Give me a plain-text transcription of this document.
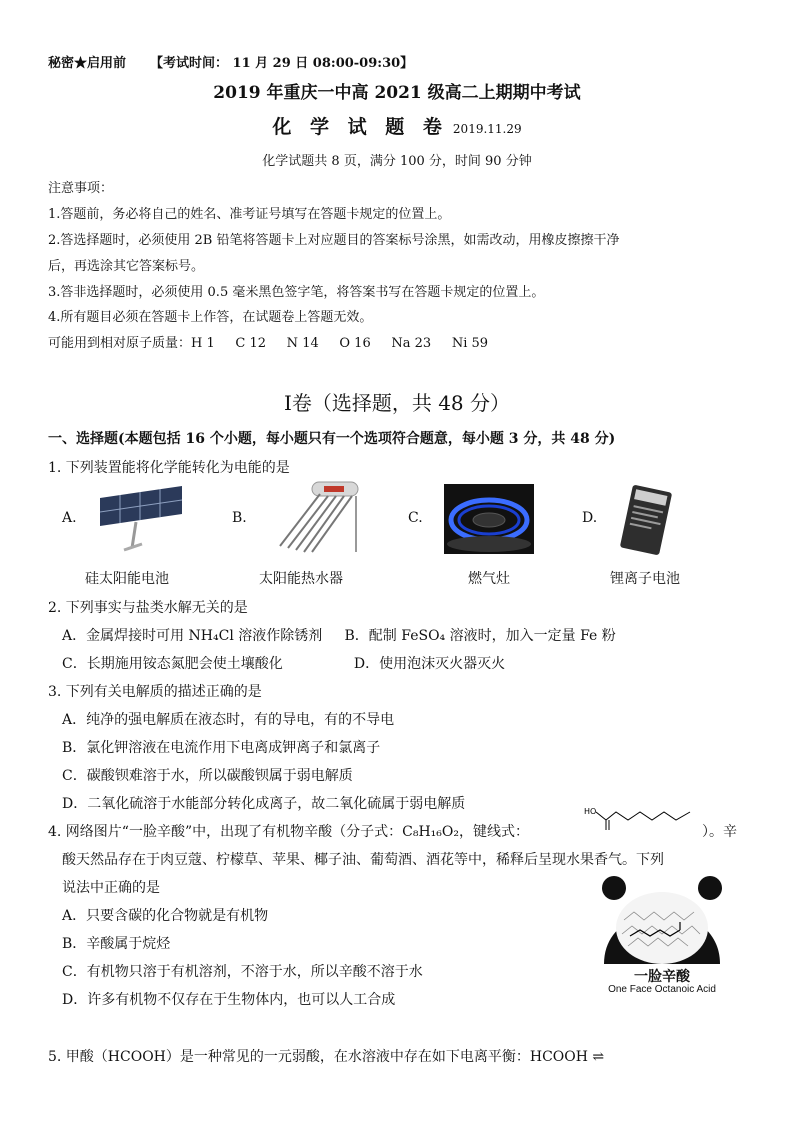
秘密★启用前 【考试时间： 11 月 29 日 08:00-09:30】
2019 年重庆一中高 2021 级高二上期期中考试
化 学 试 题 卷 2019.11.29
化学试题共 8 页，满分 100 分，时间 90 分钟
注意事项：
1.答题前，务必将自己的姓名、准考证号填写在答题卡规定的位置上。
2.答选择题时，必须使用 2B 铅笔将答题卡上对应题目的答案标号涂黑，如需改动，用橡皮擦擦干净
后，再选涂其它答案标号。
3.答非选择题时，必须使用 0.5 毫米黑色签字笔，将答案书写在答题卡规定的位置上。
4.所有题目必须在答题卡上作答，在试题卷上答题无效。
可能用到相对原子质量：H 1     C 12     N 14     O 16     Na 23     Ni 59
Ⅰ卷（选择题，共 48 分）
一、选择题(本题包括 16 个小题，每小题只有一个选项符合题意，每小题 3 分，共 48 分)
1. 下列装置能将化学能转化为电能的是
A.
硅太阳能电池
B.
太阳能热水器
C.
燃气灶
D.
锂离子电池
2. 下列事实与盐类水解无关的是
A．金属焊接时可用 NH₄Cl 溶液作除锈剂     B．配制 FeSO₄ 溶液时，加入一定量 Fe 粉
C．长期施用铵态氮肥会使土壤酸化                D．使用泡沫灭火器灭火
3. 下列有关电解质的描述正确的是
A．纯净的强电解质在液态时，有的导电，有的不导电
B．氯化钾溶液在电流作用下电离成钾离子和氯离子
C．碳酸钡难溶于水，所以碳酸钡属于弱电解质
D．二氧化硫溶于水能部分转化成离子，故二氧化硫属于弱电解质
4. 网络图片“一脸辛酸”中，出现了有机物辛酸（分子式：C₈H₁₆O₂，键线式：
HO
）。辛
酸天然品存在于肉豆蔻、柠檬草、苹果、椰子油、葡萄酒、酒花等中，稀释后呈现水果香气。下列
说法中正确的是
A．只要含碳的化合物就是有机物
B．辛酸属于烷烃
C．有机物只溶于有机溶剂，不溶于水，所以辛酸不溶于水
D．许多有机物不仅存在于生物体内，也可以人工合成
一脸辛酸
One Face Octanoic Acid
5. 甲酸（HCOOH）是一种常见的一元弱酸，在水溶液中存在如下电离平衡：HCOOH ⇌
